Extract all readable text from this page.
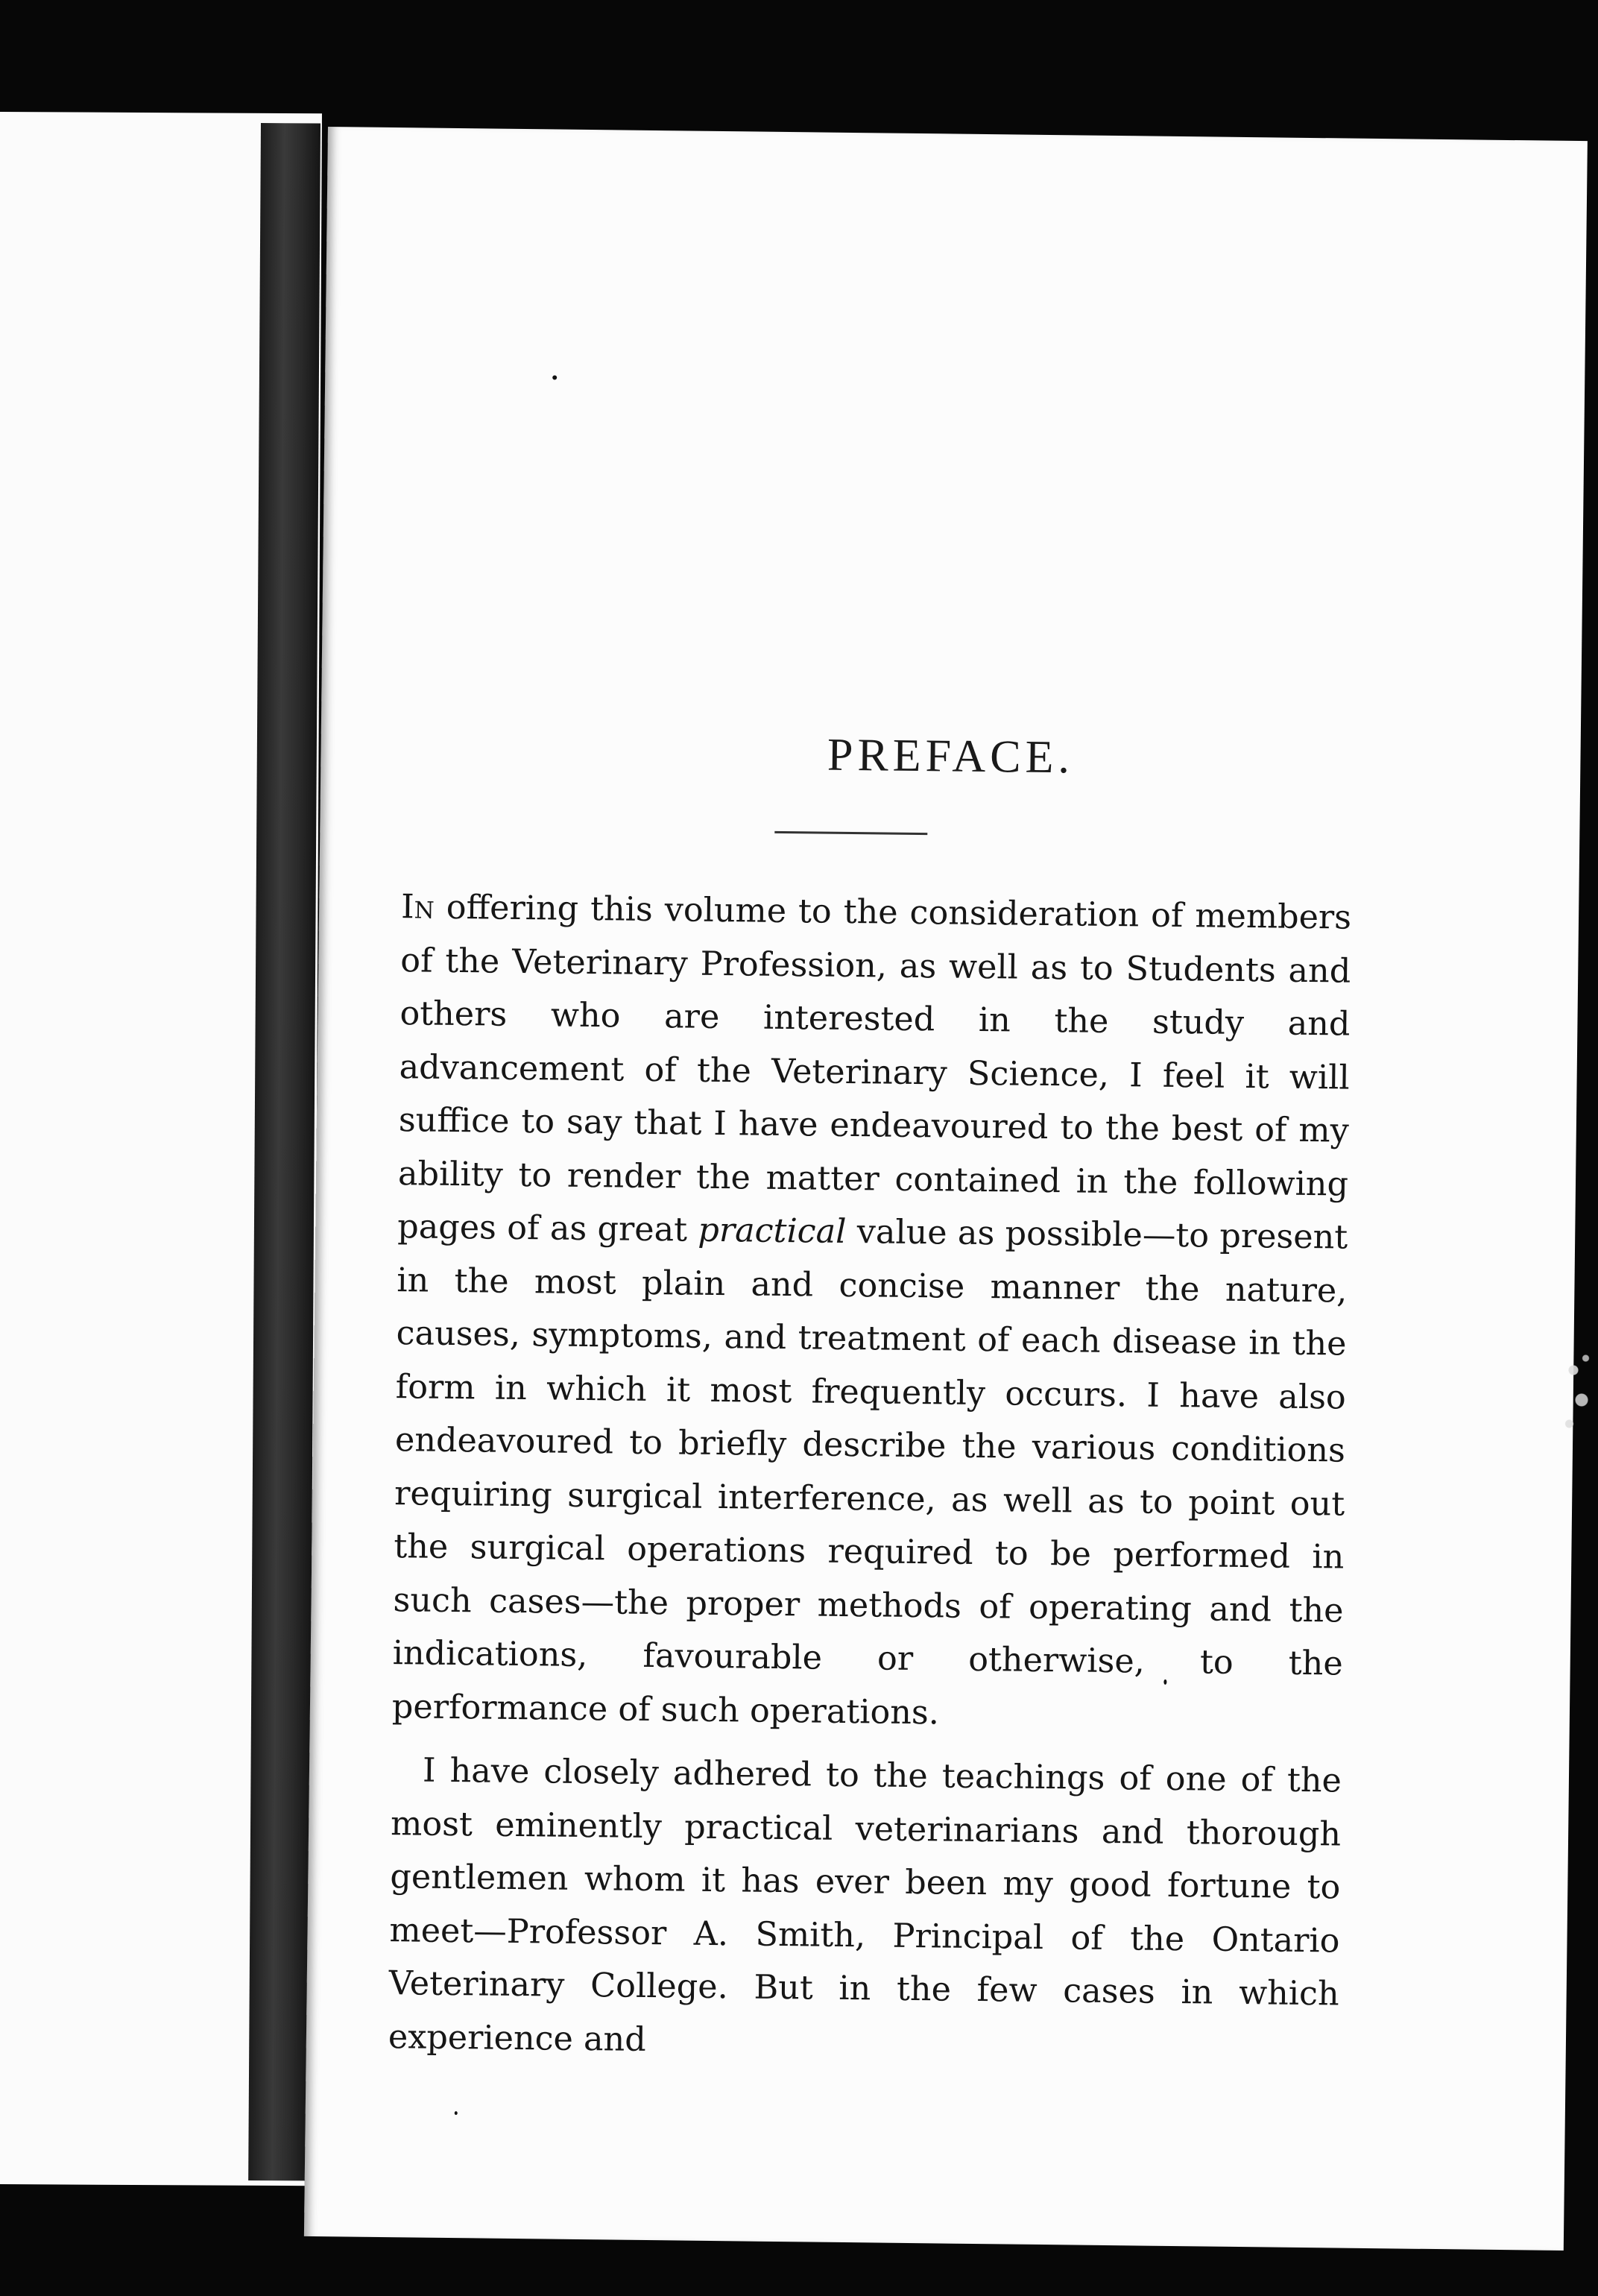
PREFACE.

In offering this volume to the consideration of members of the Veterinary Profession, as well as to Students and others who are interested in the study and advancement of the Veterinary Science, I feel it will suffice to say that I have endeavoured to the best of my ability to render the matter contained in the following pages of as great practical value as possible—to present in the most plain and concise manner the nature, causes, symptoms, and treatment of each disease in the form in which it most frequently occurs. I have also endeavoured to briefly describe the various conditions requiring surgical interference, as well as to point out the surgical operations required to be performed in such cases—the proper methods of operating and the indications, favourable or otherwise, to the performance of such operations.

I have closely adhered to the teachings of one of the most eminently practical veterinarians and thorough gentlemen whom it has ever been my good fortune to meet—Professor A. Smith, Principal of the Ontario Veterinary College. But in the few cases in which experience and
